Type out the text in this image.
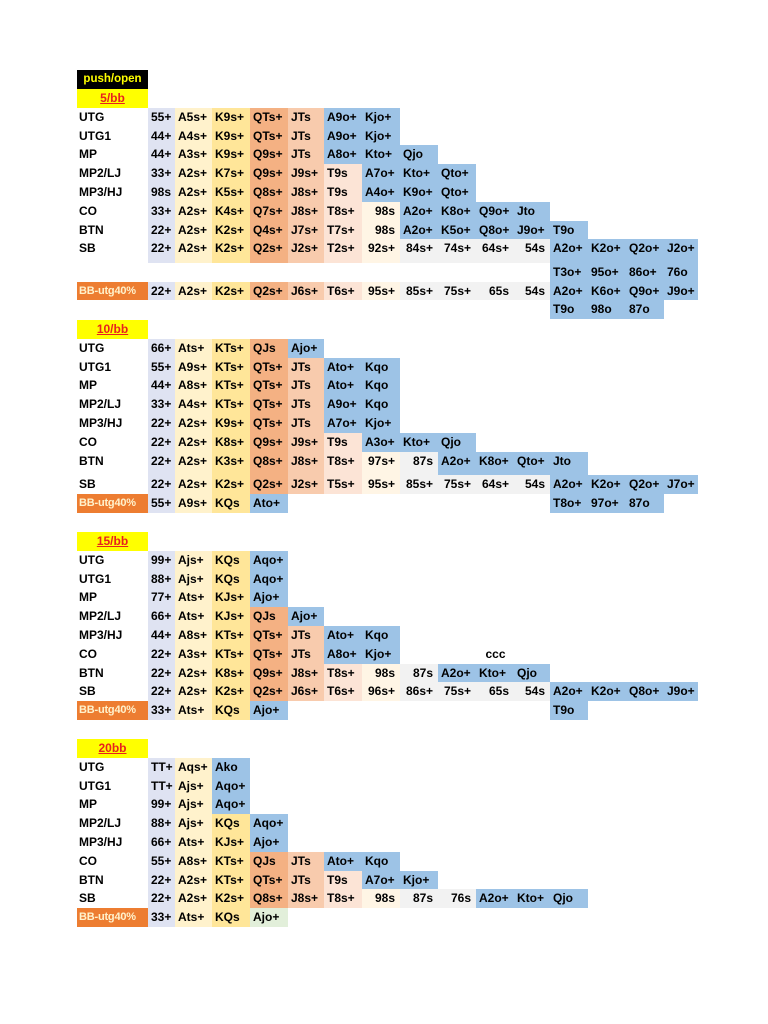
push/open
5/bb
UTG	55+ A5s+ K9s+ QTs+ JTs	A9o+ Kjo+
UTG1	44+ A4s+ K9s+ QTs+ JTs	A9o+ Kjo+
MP	44+ A3s+ K9s+ Q9s+ JTs	A8o+ Kto+ Qjo
MP2/LJ	33+ A2s+ K7s+ Q9s+ J9s+ T9s	A7o+ Kto+ Qto+
MP3/HJ	98s A2s+ K5s+ Q8s+ J8s+ T9s	A4o+ K9o+ Qto+
CO	33+ A2s+ K4s+ Q7s+ J8s+ T8s+	98s A2o+ K8o+ Q9o+ Jto
BTN	22+ A2s+ K2s+ Q4s+ J7s+ T7s+	98s A2o+ K5o+ Q8o+ J9o+ T9o
SB	22+ A2s+ K2s+ Q2s+ J2s+ T2s+	92s+ 84s+ 74s+ 64s+	54s A2o+ K2o+ Q2o+ J2o+
T3o+ 95o+ 86o+ 76o
BB-utg40%	22+ A2s+ K2s+ Q2s+ J6s+ T6s+	95s+ 85s+ 75s+	65s	54s A2o+ K6o+ Q9o+ J9o+
T9o	98o	87o
10/bb
UTG	66+ Ats+ KTs+ QJs	Ajo+
UTG1	55+ A9s+ KTs+ QTs+ JTs	Ato+ Kqo
MP	44+ A8s+ KTs+ QTs+ JTs	Ato+ Kqo
MP2/LJ	33+ A4s+ KTs+ QTs+ JTs	A9o+ Kqo
MP3/HJ	22+ A2s+ K9s+ QTs+ JTs	A7o+ Kjo+
CO	22+ A2s+ K8s+ Q9s+ J9s+ T9s	A3o+ Kto+ Qjo
BTN	22+ A2s+ K3s+ Q8s+ J8s+ T8s+	97s+	87s A2o+ K8o+ Qto+ Jto
SB	22+ A2s+ K2s+ Q2s+ J2s+ T5s+	95s+ 85s+ 75s+ 64s+	54s A2o+ K2o+ Q2o+ J7o+
BB-utg40%	55+ A9s+ KQs	Ato+	T8o+ 97o+ 87o
15/bb
UTG	99+ Ajs+ KQs	Aqo+
UTG1	88+ Ajs+ KQs	Aqo+
MP	77+ Ats+ KJs+ Ajo+
MP2/LJ	66+ Ats+ KJs+ QJs	Ajo+
MP3/HJ	44+ A8s+ KTs+ QTs+ JTs	Ato+ Kqo
CO	22+ A3s+ KTs+ QTs+ JTs	A8o+ Kjo+	ccc
BTN	22+ A2s+ K8s+ Q9s+ J8s+ T8s+	98s	87s A2o+ Kto+ Qjo
SB	22+ A2s+ K2s+ Q2s+ J6s+ T6s+	96s+ 86s+ 75s+	65s	54s A2o+ K2o+ Q8o+ J9o+
BB-utg40%	33+ Ats+ KQs	Ajo+	T9o
20bb
UTG	TT+ Aqs+ Ako
UTG1	TT+ Ajs+ Aqo+
MP	99+ Ajs+ Aqo+
MP2/LJ	88+ Ajs+ KQs	Aqo+
MP3/HJ	66+ Ats+ KJs+ Ajo+
CO	55+ A8s+ KTs+ QJs	JTs	Ato+ Kqo
BTN	22+ A2s+ KTs+ QTs+ JTs	T9s	A7o+ Kjo+
SB	22+ A2s+ K2s+ Q8s+ J8s+ T8s+	98s	87s	76s A2o+ Kto+ Qjo
BB-utg40%	33+ Ats+ KQs	Ajo+
